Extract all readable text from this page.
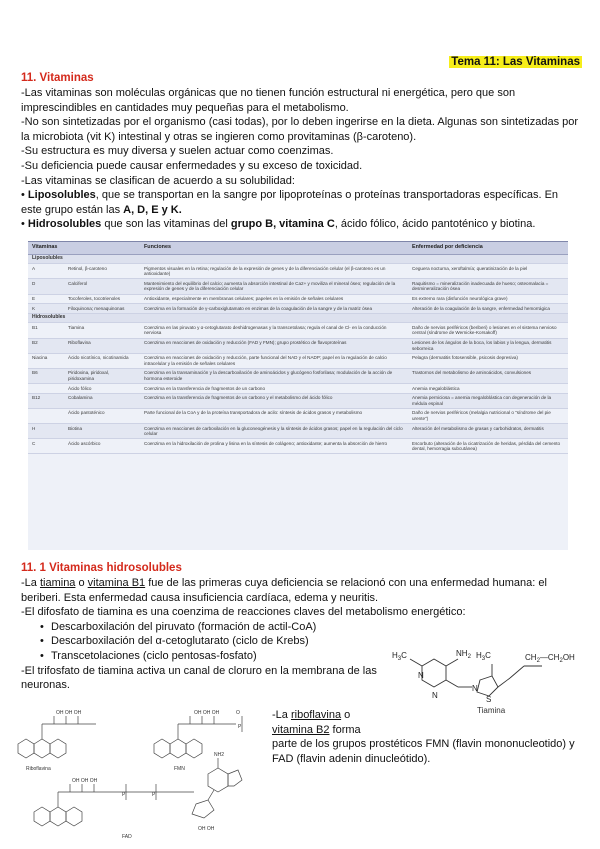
Tema 11: Las Vitaminas
11. Vitaminas

-Las vitaminas son moléculas orgánicas que no tienen función estructural ni energética, pero que son imprescindibles en cantidades muy pequeñas para el metabolismo.

-No son sintetizadas por el organismo (casi todas), por lo deben ingerirse en la dieta. Algunas son sintetizadas por la microbiota (vit K) intestinal y otras se ingieren como provitaminas (β-caroteno).

-Su estructura es muy diversa y suelen actuar como coenzimas.

-Su deficiencia puede causar enfermedades y su exceso de toxicidad.

-Las vitaminas se clasifican de acuerdo a su solubilidad:

• Liposolubles, que se transportan en la sangre por lipoproteínas o proteínas transportadoras específicas. En este grupo están las A, D, E y K.

• Hidrosolubles que son las vitaminas del grupo B, vitamina C, ácido fólico, ácido pantoténico y biotina.

Vitaminas		Funciones	Enfermedad por deficiencia
Liposolubles			
A	Retinol, β-caroteno	Pigmentos visuales en la retina; regulación de la expresión de genes y de la diferenciación celular (el β-caroteno es un antioxidante)	Ceguera nocturna, xeroftalmía; queratinización de la piel
D	Calciferol	Mantenimiento del equilibrio del calcio; aumenta la absorción intestinal de Ca2+ y moviliza el mineral óseo; regulación de la expresión de genes y de la diferenciación celular	Raquitismo = mineralización inadecuada de hueso; osteomalacia = desmineralización ósea
E	Tocoferoles, tocotrienoles	Antioxidante, especialmente en membranas celulares; papeles en la emisión de señales celulares	Es extremo rara (disfunción neurológica grave)
K	Filoquinona; menaquinonas	Coenzima en la formación de γ-carboxiglutamato en enzimas de la coagulación de la sangre y de la matriz ósea	Alteración de la coagulación de la sangre, enfermedad hemorrágica
Hidrosolubles			
B1	Tiamina	Coenzima en las piruvato y α-cetoglutarato deshidrogenasas y la transcetolasa; regula el canal de Cl- en la conducción nerviosa	Daño de nervios periféricos (beriberi) o lesiones en el sistema nervioso central (síndrome de Wernicke-Korsakoff)
B2	Riboflavina	Coenzima en reacciones de oxidación y reducción (FAD y FMN); grupo prostético de flavoproteínas	Lesiones de los ángulos de la boca, los labios y la lengua, dermatitis seborreica
Niacina	Ácido nicotínico, nicotinamida	Coenzima en reacciones de oxidación y reducción, parte funcional del NAD y el NADP; papel en la regulación de calcio intracelular y la emisión de señales celulares	Pelagra (dermatitis fotosensible, psicosis depresiva)
B6	Piridoxina, piridoxal, piridoxamina	Coenzima en la transaminación y la descarboxilación de aminoácidos y glucógeno fosforilasa; modulación de la acción de hormona esteroide	Trastornos del metabolismo de aminoácidos, convulsiones
	Ácido fólico	Coenzima en la transferencia de fragmentos de un carbono	Anemia megaloblástica
B12	Cobalamina	Coenzima en la transferencia de fragmentos de un carbono y el metabolismo del ácido fólico	Anemia perniciosa = anemia megaloblástica con degeneración de la médula espinal
	Ácido pantoténico	Parte funcional de la CoA y de la proteína transportadora de acilo: síntesis de ácidos grasos y metabolismo	Daño de nervios periféricos (melalgia nutricional o "síndrome del pie urente")
H	Biotina	Coenzima en reacciones de carboxilación en la gluconeogénesis y la síntesis de ácidos grasos; papel en la regulación del ciclo celular	Alteración del metabolismo de grasas y carbohidratos, dermatitis
C	Ácido ascórbico	Coenzima en la hidroxilación de prolina y lisina en la síntesis de colágeno; antioxidante; aumenta la absorción de hierro	Escorbuto (alteración de la cicatrización de heridas, pérdida del cemento dental, hemorragia subcutánea)
11. 1 Vitaminas hidrosolubles

-La tiamina o vitamina B1 fue de las primeras cuya deficiencia se relacionó con una enfermedad humana: el beriberi. Esta enfermedad causa insuficiencia cardíaca, edema y neuritis.

-El difosfato de tiamina es una coenzima de reacciones claves del metabolismo energético:

• Descarboxilación del piruvato (formación de actil-CoA)
• Descarboxilación del α-cetoglutarato (ciclo de Krebs)
• Transcetolaciones (ciclo pentosas-fosfato)

-El trifosfato de tiamina activa un canal de cloruro en la membrana de las neuronas.

$H_3C$	$NH_2$
N
N
N
$H_3C$
S
$CH_2—CH_2OH$
Tiamina

-La riboflavina o

vitamina B2 forma

parte de los grupos prostéticos FMN (flavin mononucleotido) y FAD (flavin adenin dinucleótido).

OH OH OH	OH OH OH	O
P
OH OH OH
P	P
NH2
OH OH
Riboflavina	FMN
FAD
